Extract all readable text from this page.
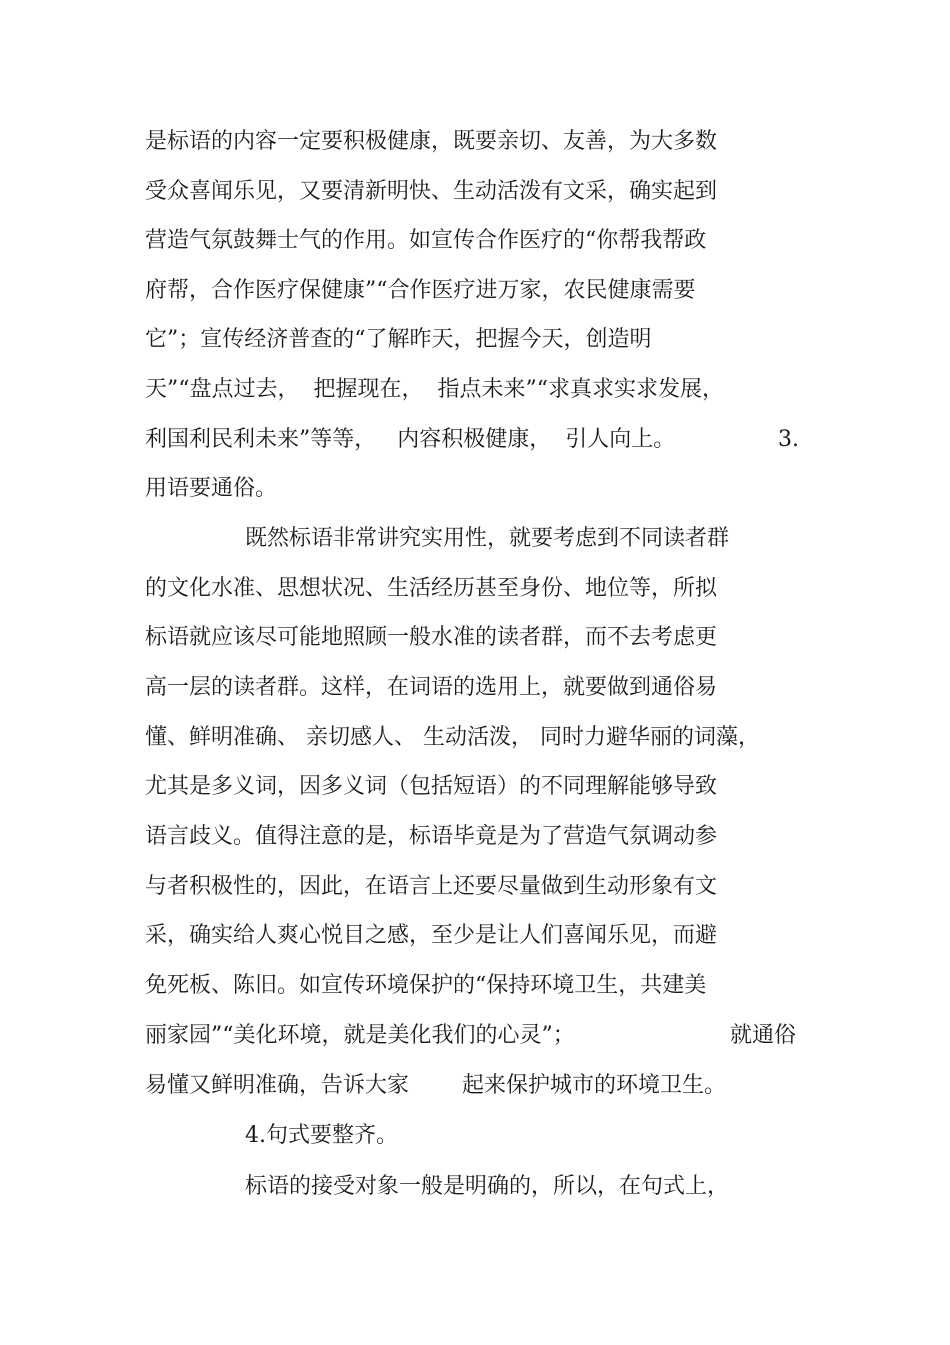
是标语的内容一定要积极健康，既要亲切、友善，为大多数
受众喜闻乐见，又要清新明快、生动活泼有文采，确实起到
营造气氛鼓舞士气的作用。如宣传合作医疗的“你帮我帮政
府帮，合作医疗保健康”“合作医疗进万家，农民健康需要
它”；宣传经济普查的“了解昨天，把握今天，创造明
天”“盘点过去，  把握现在，  指点未来”“求真求实求发展，
利国利民利未来”等等，   内容积极健康，  引人向上。	3.
用语要通俗。
既然标语非常讲究实用性，就要考虑到不同读者群
的文化水准、思想状况、生活经历甚至身份、地位等，所拟
标语就应该尽可能地照顾一般水准的读者群，而不去考虑更
高一层的读者群。这样，在词语的选用上，就要做到通俗易
懂、鲜明准确、 亲切感人、 生动活泼， 同时力避华丽的词藻，
尤其是多义词，因多义词（包括短语）的不同理解能够导致
语言歧义。值得注意的是，标语毕竟是为了营造气氛调动参
与者积极性的，因此，在语言上还要尽量做到生动形象有文
采，确实给人爽心悦目之感，至少是让人们喜闻乐见，而避
免死板、陈旧。如宣传环境保护的“保持环境卫生，共建美
丽家园”“美化环境，就是美化我们的心灵”；	就通俗
易懂又鲜明准确，告诉大家 起来保护城市的环境卫生。
4.句式要整齐。
标语的接受对象一般是明确的，所以，在句式上，
